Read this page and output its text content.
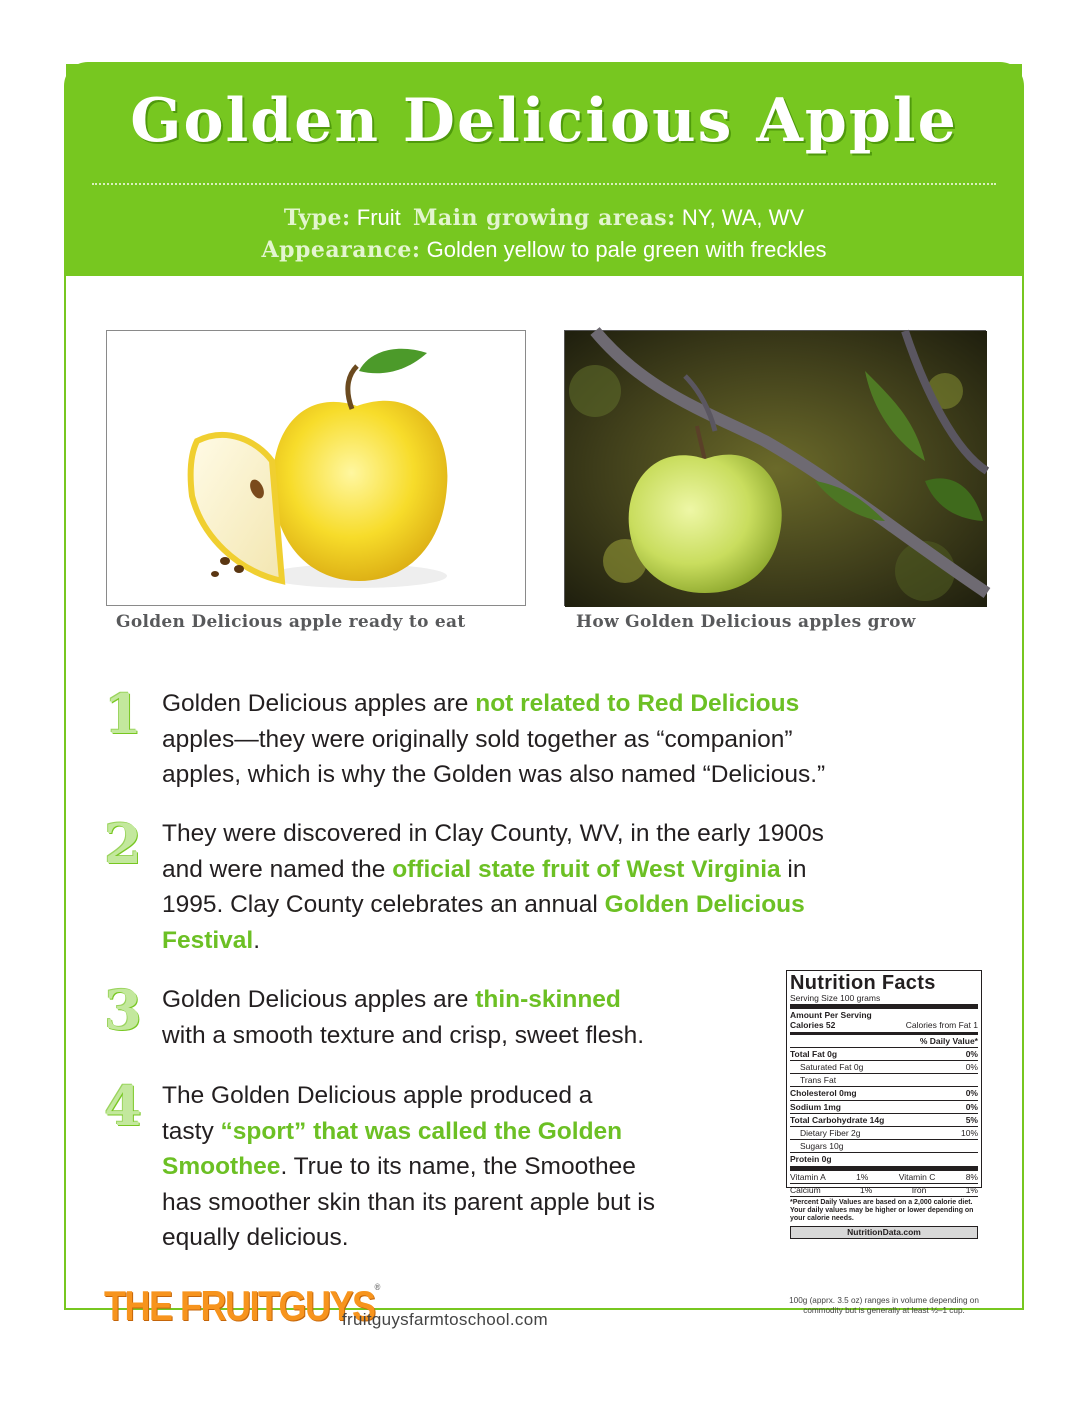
Golden Delicious Apple
Type: Fruit Main growing areas: NY, WA, WV
Appearance: Golden yellow to pale green with freckles
Golden Delicious apple ready to eat	How Golden Delicious apples grow
1 Golden Delicious apples are not related to Red Delicious
apples—they were originally sold together as “companion”
apples, which is why the Golden was also named “Delicious.”
2 They were discovered in Clay County, WV, in the early 1900s
and were named the official state fruit of West Virginia in
1995. Clay County celebrates an annual Golden Delicious
Festival.
3 Golden Delicious apples are thin-skinned
with a smooth texture and crisp, sweet flesh.
4 The Golden Delicious apple produced a
tasty “sport” that was called the Golden
Smoothee. True to its name, the Smoothee
has smoother skin than its parent apple but is
equally delicious.
Nutrition Facts
Serving Size 100 grams
Amount Per Serving
Calories 52	Calories from Fat 1
% Daily Value*
Total Fat 0g	0%
Saturated Fat 0g	0%
Trans Fat
Cholesterol 0mg	0%
Sodium 1mg	0%
Total Carbohydrate 14g	5%
Dietary Fiber 2g	10%
Sugars 10g
Protein 0g
Vitamin A	1%	Vitamin C	8%
Calcium	1%	Iron	1%
*Percent Daily Values are based on a 2,000 calorie diet. Your daily values may be higher or lower depending on your calorie needs.
NutritionData.com
100g (apprx. 3.5 oz) ranges in volume depending on commodity but is generally at least ½–1 cup.
THE FRUITGUYS®
fruitguysfarmtoschool.com
